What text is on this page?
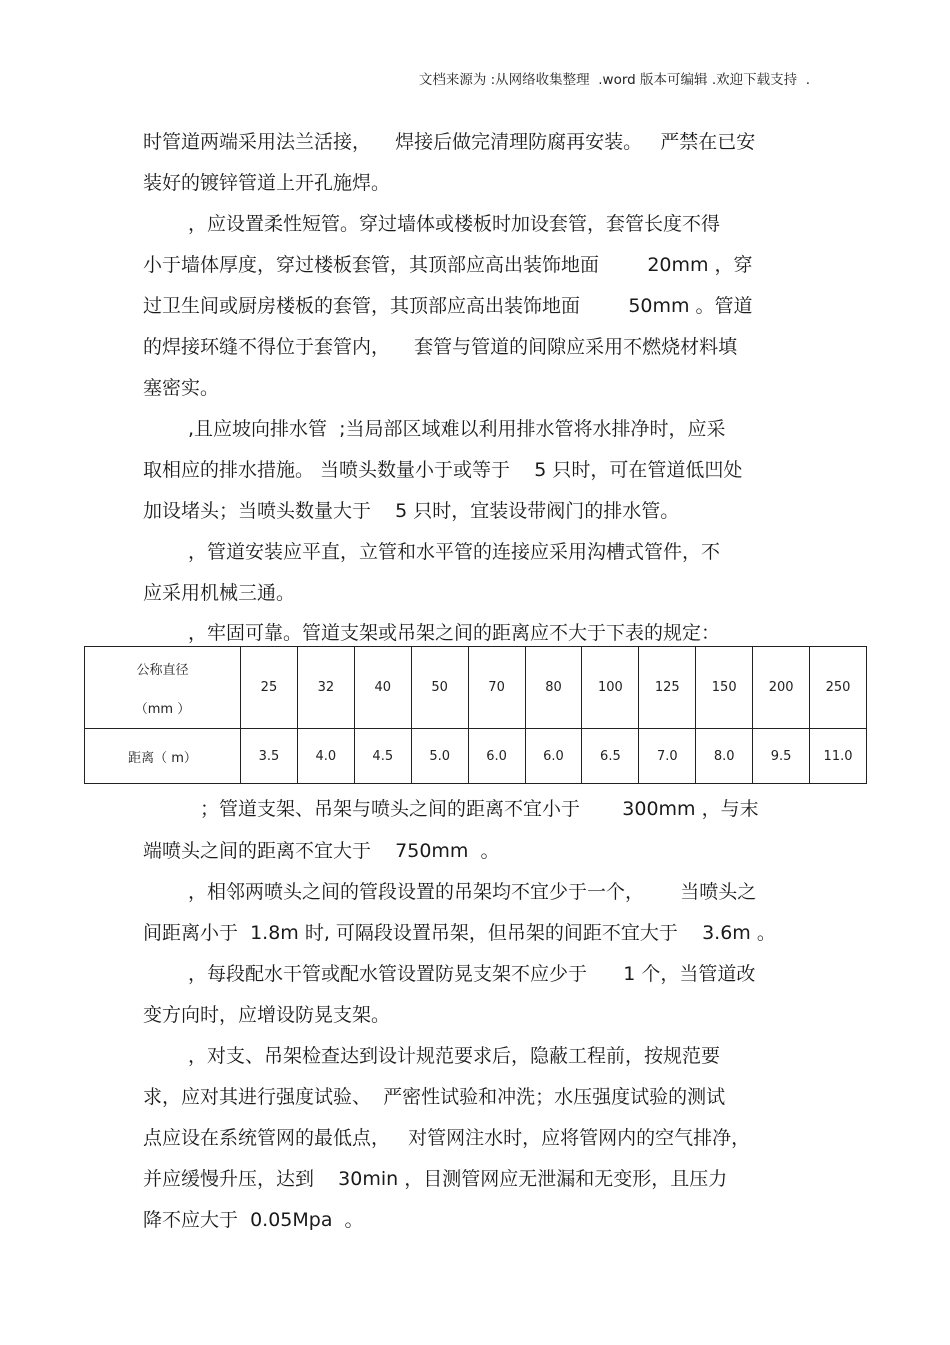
文档来源为 :从网络收集整理  .word 版本可编辑 .欢迎下载支持  .
时管道两端采用法兰活接，    焊接后做完清理防腐再安装。   严禁在已安
装好的镀锌管道上开孔施焊。
，应设置柔性短管。穿过墙体或楼板时加设套管，套管长度不得
小于墙体厚度，穿过楼板套管，其顶部应高出装饰地面        20mm ，穿
过卫生间或厨房楼板的套管，其顶部应高出装饰地面        50mm 。管道
的焊接环缝不得位于套管内，    套管与管道的间隙应采用不燃烧材料填
塞密实。
,且应坡向排水管  ;当局部区域难以利用排水管将水排净时，应采
取相应的排水措施。 当喷头数量小于或等于    5 只时，可在管道低凹处
加设堵头；当喷头数量大于    5 只时，宜装设带阀门的排水管。
，管道安装应平直，立管和水平管的连接应采用沟槽式管件，不
应采用机械三通。
，牢固可靠。管道支架或吊架之间的距离应不大于下表的规定：
公称直径
（mm ）	25	32	40	50	70	80	100	125	150	200	250
距离（ m）	3.5	4.0	4.5	5.0	6.0	6.0	6.5	7.0	8.0	9.5	11.0
；管道支架、吊架与喷头之间的距离不宜小于       300mm ，与末
端喷头之间的距离不宜大于    750mm  。
，相邻两喷头之间的管段设置的吊架均不宜少于一个，      当喷头之
间距离小于  1.8m 时, 可隔段设置吊架，但吊架的间距不宜大于    3.6m 。
，每段配水干管或配水管设置防晃支架不应少于      1 个，当管道改
变方向时，应增设防晃支架。
，对支、吊架检查达到设计规范要求后，隐蔽工程前，按规范要
求，应对其进行强度试验、  严密性试验和冲洗；水压强度试验的测试
点应设在系统管网的最低点，   对管网注水时，应将管网内的空气排净，
并应缓慢升压，达到    30min ，目测管网应无泄漏和无变形，且压力
降不应大于  0.05Mpa  。
